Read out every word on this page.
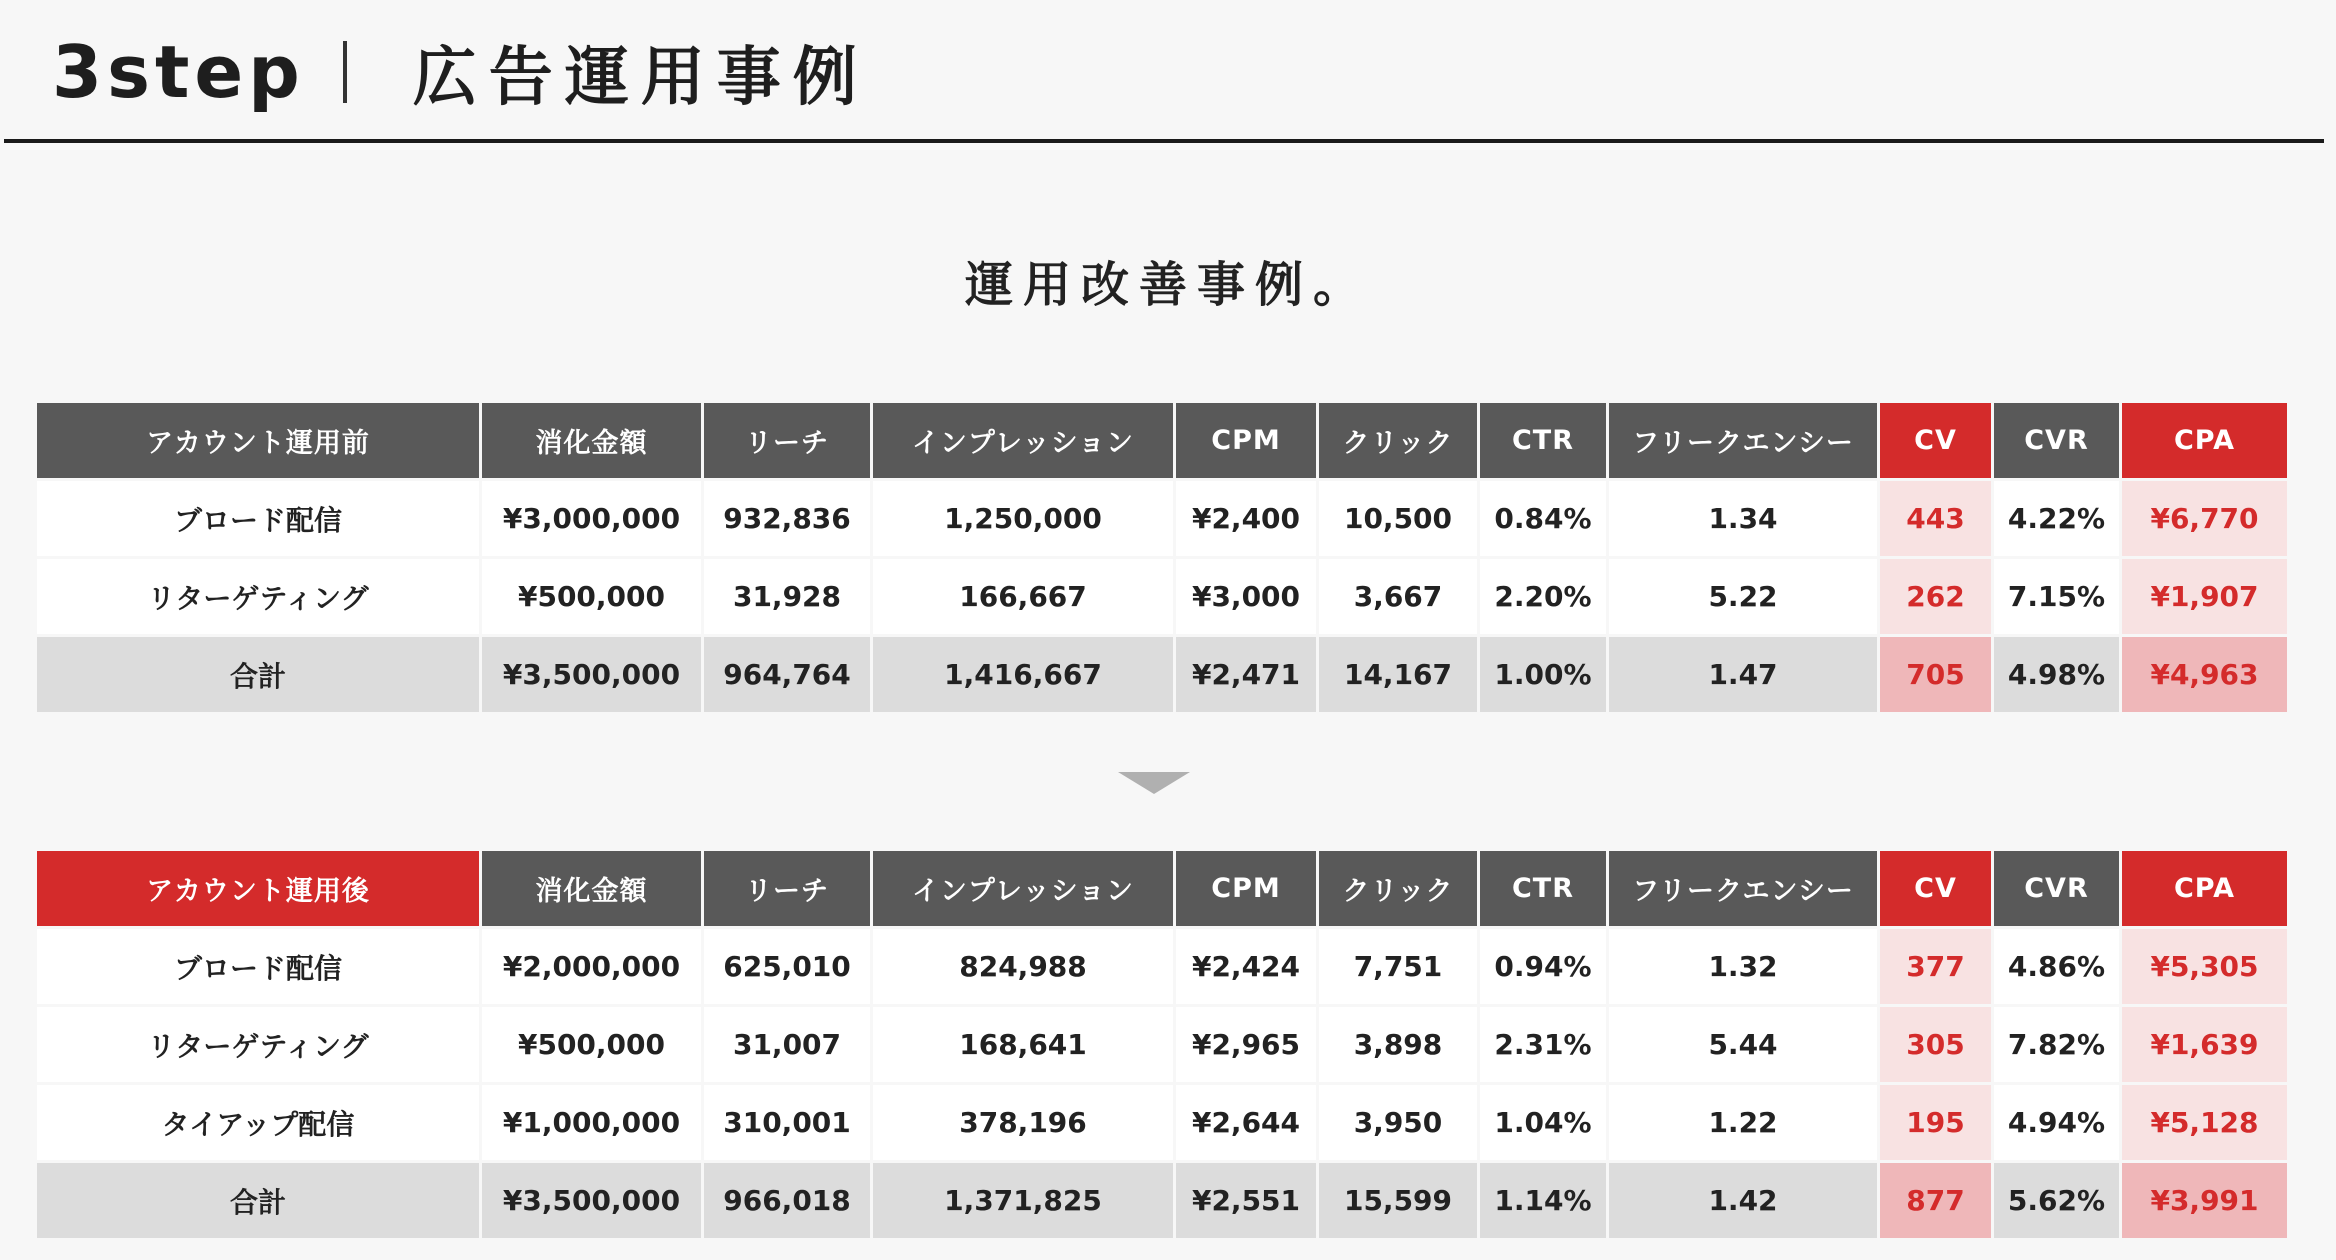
3step 広告運用事例
運用改善事例。
アカウント運用前	消化金額	リーチ	インプレッション	CPM	クリック	CTR	フリークエンシー	CV	CVR	CPA
ブロード配信	¥3,000,000	932,836	1,250,000	¥2,400	10,500	0.84%	1.34	443	4.22%	¥6,770
リターゲティング	¥500,000	31,928	166,667	¥3,000	3,667	2.20%	5.22	262	7.15%	¥1,907
合計	¥3,500,000	964,764	1,416,667	¥2,471	14,167	1.00%	1.47	705	4.98%	¥4,963
アカウント運用後	消化金額	リーチ	インプレッション	CPM	クリック	CTR	フリークエンシー	CV	CVR	CPA
ブロード配信	¥2,000,000	625,010	824,988	¥2,424	7,751	0.94%	1.32	377	4.86%	¥5,305
リターゲティング	¥500,000	31,007	168,641	¥2,965	3,898	2.31%	5.44	305	7.82%	¥1,639
タイアップ配信	¥1,000,000	310,001	378,196	¥2,644	3,950	1.04%	1.22	195	4.94%	¥5,128
合計	¥3,500,000	966,018	1,371,825	¥2,551	15,599	1.14%	1.42	877	5.62%	¥3,991
